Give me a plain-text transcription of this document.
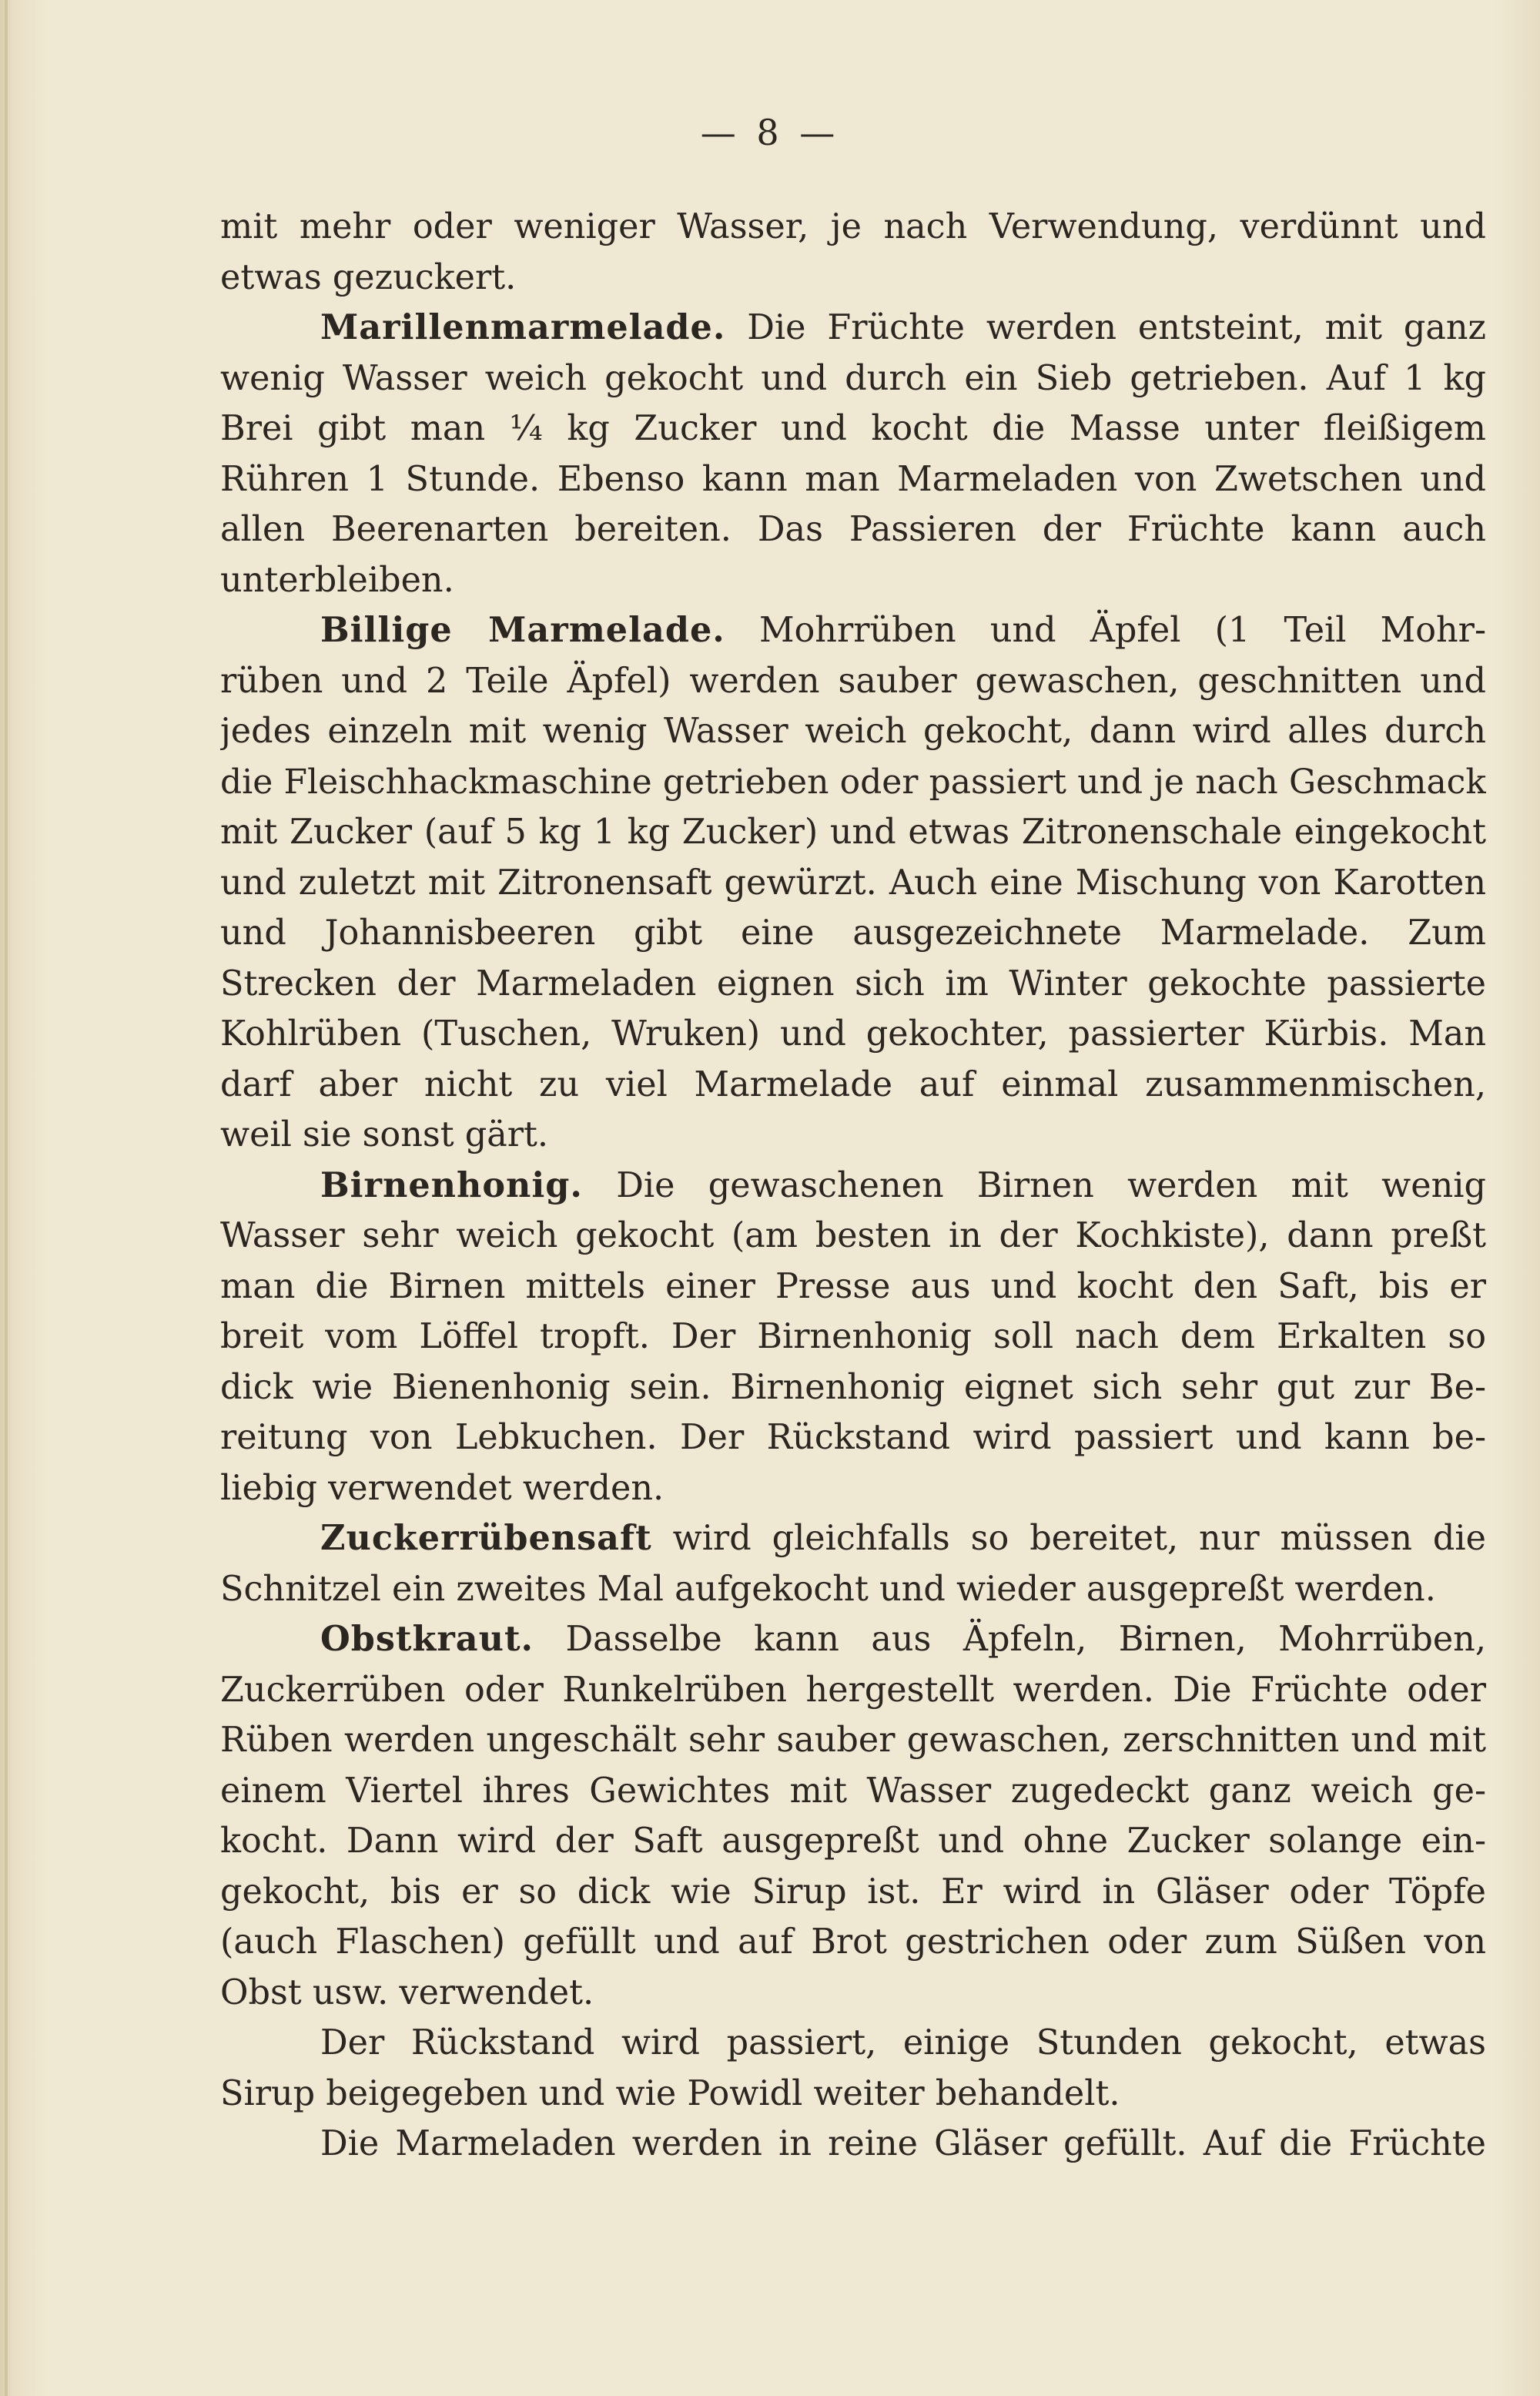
— 8 —
mit mehr oder weniger Wasser, je nach Verwendung, verdünnt und
etwas gezuckert.
Marillenmarmelade. Die Früchte werden entsteint, mit ganz
wenig Wasser weich gekocht und durch ein Sieb getrieben. Auf 1 kg
Brei gibt man ¼ kg Zucker und kocht die Masse unter fleißigem
Rühren 1 Stunde. Ebenso kann man Marmeladen von Zwetschen und
allen Beerenarten bereiten. Das Passieren der Früchte kann auch
unterbleiben.
Billige Marmelade. Mohrrüben und Äpfel (1 Teil Mohr-
rüben und 2 Teile Äpfel) werden sauber gewaschen, geschnitten und
jedes einzeln mit wenig Wasser weich gekocht, dann wird alles durch
die Fleischhackmaschine getrieben oder passiert und je nach Geschmack
mit Zucker (auf 5 kg 1 kg Zucker) und etwas Zitronenschale eingekocht
und zuletzt mit Zitronensaft gewürzt. Auch eine Mischung von Karotten
und Johannisbeeren gibt eine ausgezeichnete Marmelade. Zum
Strecken der Marmeladen eignen sich im Winter gekochte passierte
Kohlrüben (Tuschen, Wruken) und gekochter, passierter Kürbis. Man
darf aber nicht zu viel Marmelade auf einmal zusammenmischen,
weil sie sonst gärt.
Birnenhonig. Die gewaschenen Birnen werden mit wenig
Wasser sehr weich gekocht (am besten in der Kochkiste), dann preßt
man die Birnen mittels einer Presse aus und kocht den Saft, bis er
breit vom Löffel tropft. Der Birnenhonig soll nach dem Erkalten so
dick wie Bienenhonig sein. Birnenhonig eignet sich sehr gut zur Be-
reitung von Lebkuchen. Der Rückstand wird passiert und kann be-
liebig verwendet werden.
Zuckerrübensaft wird gleichfalls so bereitet, nur müssen die
Schnitzel ein zweites Mal aufgekocht und wieder ausgepreßt werden.
Obstkraut. Dasselbe kann aus Äpfeln, Birnen, Mohrrüben,
Zuckerrüben oder Runkelrüben hergestellt werden. Die Früchte oder
Rüben werden ungeschält sehr sauber gewaschen, zerschnitten und mit
einem Viertel ihres Gewichtes mit Wasser zugedeckt ganz weich ge-
kocht. Dann wird der Saft ausgepreßt und ohne Zucker solange ein-
gekocht, bis er so dick wie Sirup ist. Er wird in Gläser oder Töpfe
(auch Flaschen) gefüllt und auf Brot gestrichen oder zum Süßen von
Obst usw. verwendet.
Der Rückstand wird passiert, einige Stunden gekocht, etwas
Sirup beigegeben und wie Powidl weiter behandelt.
Die Marmeladen werden in reine Gläser gefüllt. Auf die Früchte
